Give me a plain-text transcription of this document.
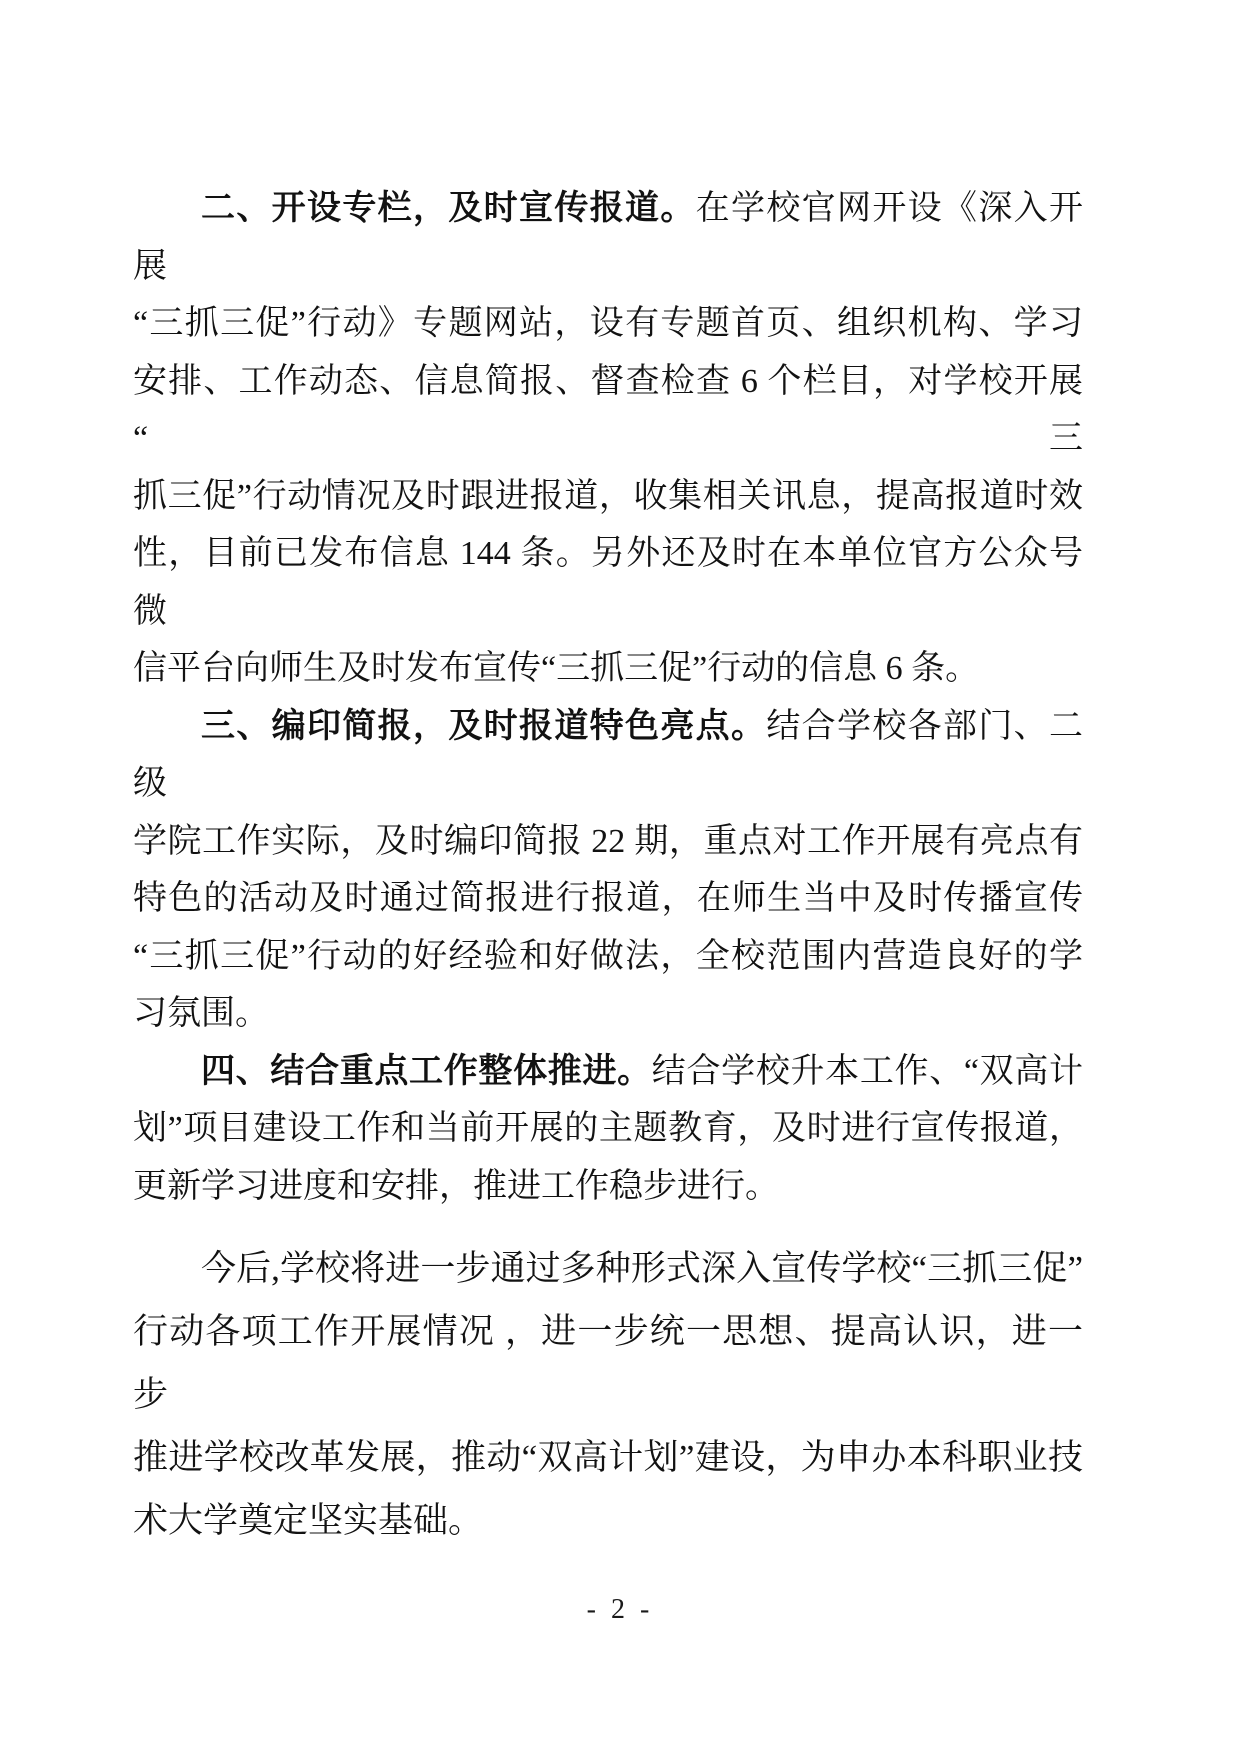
二、开设专栏，及时宣传报道。在学校官网开设《深入开展
“三抓三促”行动》专题网站，设有专题首页、组织机构、学习
安排、工作动态、信息简报、督查检查 6 个栏目，对学校开展“三
抓三促”行动情况及时跟进报道，收集相关讯息，提高报道时效
性，目前已发布信息 144 条。另外还及时在本单位官方公众号微
信平台向师生及时发布宣传“三抓三促”行动的信息 6 条。
三、编印简报，及时报道特色亮点。结合学校各部门、二级
学院工作实际，及时编印简报 22 期，重点对工作开展有亮点有
特色的活动及时通过简报进行报道，在师生当中及时传播宣传
“三抓三促”行动的好经验和好做法，全校范围内营造良好的学
习氛围。
四、结合重点工作整体推进。结合学校升本工作、“双高计
划”项目建设工作和当前开展的主题教育，及时进行宣传报道，
更新学习进度和安排，推进工作稳步进行。
今后,学校将进一步通过多种形式深入宣传学校“三抓三促”
行动各项工作开展情况 ，进一步统一思想、提高认识，进一步
推进学校改革发展，推动“双高计划”建设，为申办本科职业技
术大学奠定坚实基础。
- 2 -
